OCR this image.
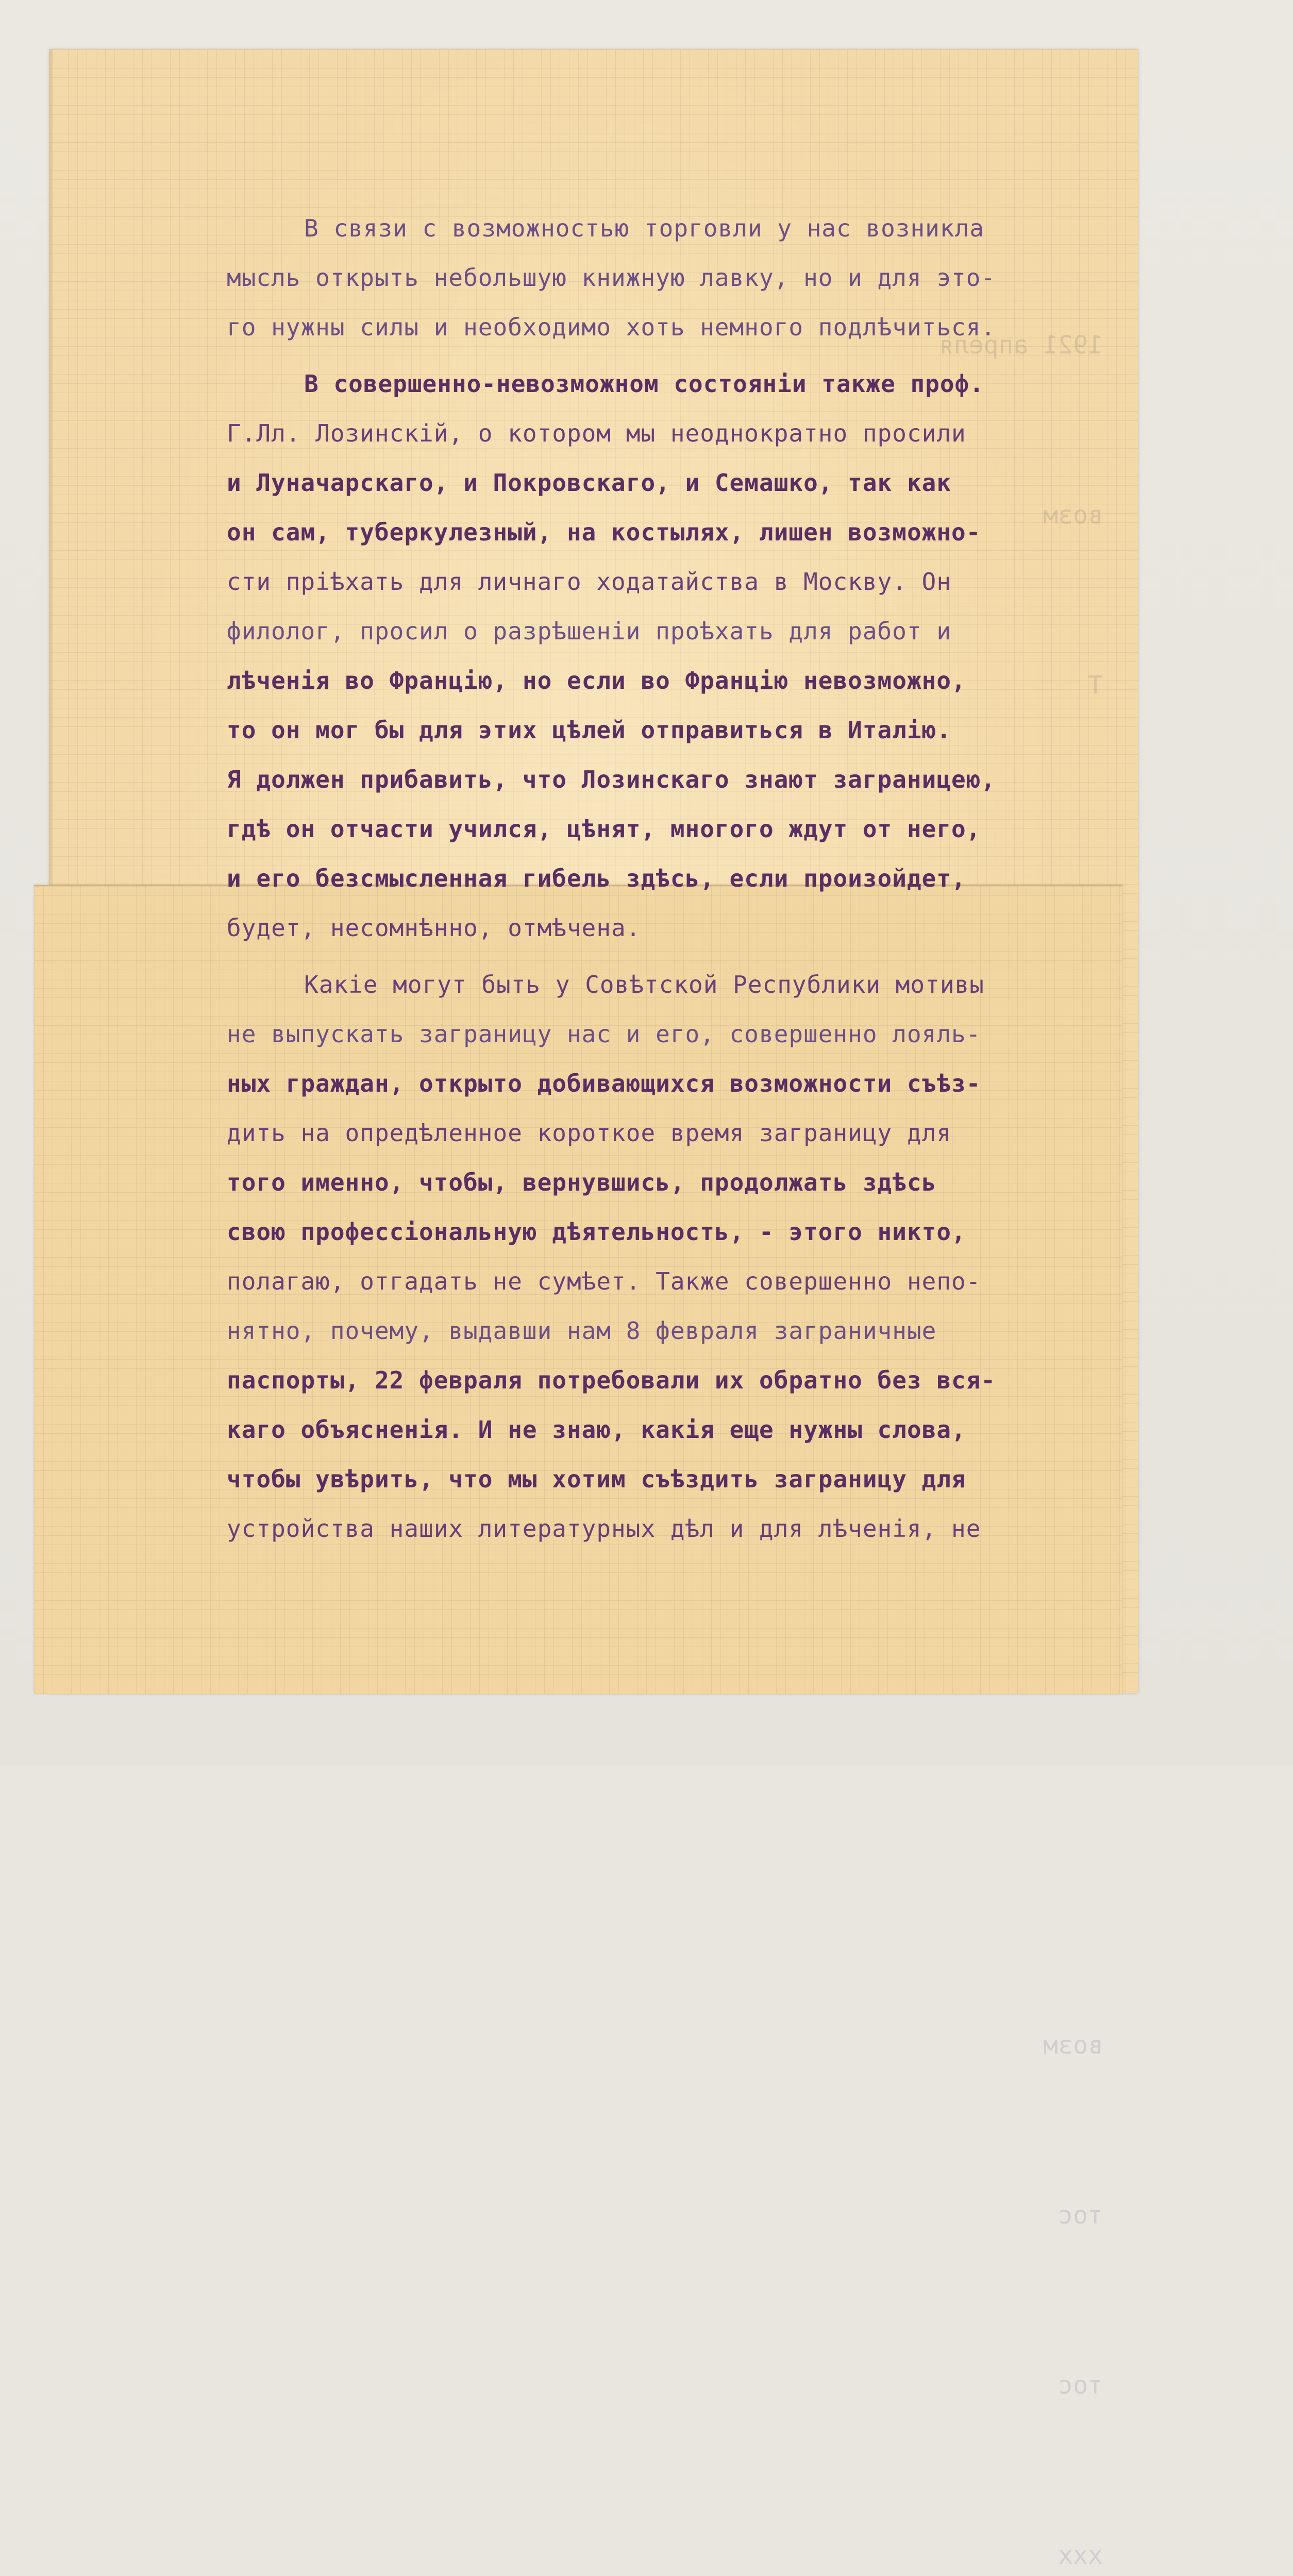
1921 апреля

возм

Т

возм

тос

тос

ххх

В связи с возможностью торговли у нас возникла
мысль открыть небольшую книжную лавку, но и для это-
го нужны силы и необходимо хоть немного подлѣчиться.
В совершенно-невозможном состоянiи также проф.
Г.Лл. Лозинскiй, о котором мы неоднократно просили
и Луначарскаго, и Покровскаго, и Семашко, так как
он сам, туберкулезный, на костылях, лишен возможно-
сти прiѣхать для личнаго ходатайства в Москву. Он
филолог, просил о разрѣшенiи проѣхать для работ и
лѣченiя во Францiю, но если во Францiю невозможно,
то он мог бы для этих цѣлей отправиться в Италiю.
Я должен прибавить, что Лозинскаго знают заграницею,
гдѣ он отчасти учился, цѣнят, многого ждут от него,
и его безсмысленная гибель здѣсь, если произойдет,
будет, несомнѣнно, отмѣчена.
Какiе могут быть у Совѣтской Республики мотивы
не выпускать заграницу нас и его, совершенно лояль-
ных граждан, открыто добивающихся возможности съѣз-
дить на опредѣленное короткое время заграницу для
того именно, чтобы, вернувшись, продолжать здѣсь
свою профессiональную дѣятельность, - этого никто,
полагаю, отгадать не сумѣет. Также совершенно непо-
нятно, почему, выдавши нам 8 февраля заграничные
паспорты, 22 февраля потребовали их обратно без вся-
каго объясненiя. И не знаю, какiя еще нужны слова,
чтобы увѣрить, что мы хотим съѣздить заграницу для
устройства наших литературных дѣл и для лѣченiя, не
